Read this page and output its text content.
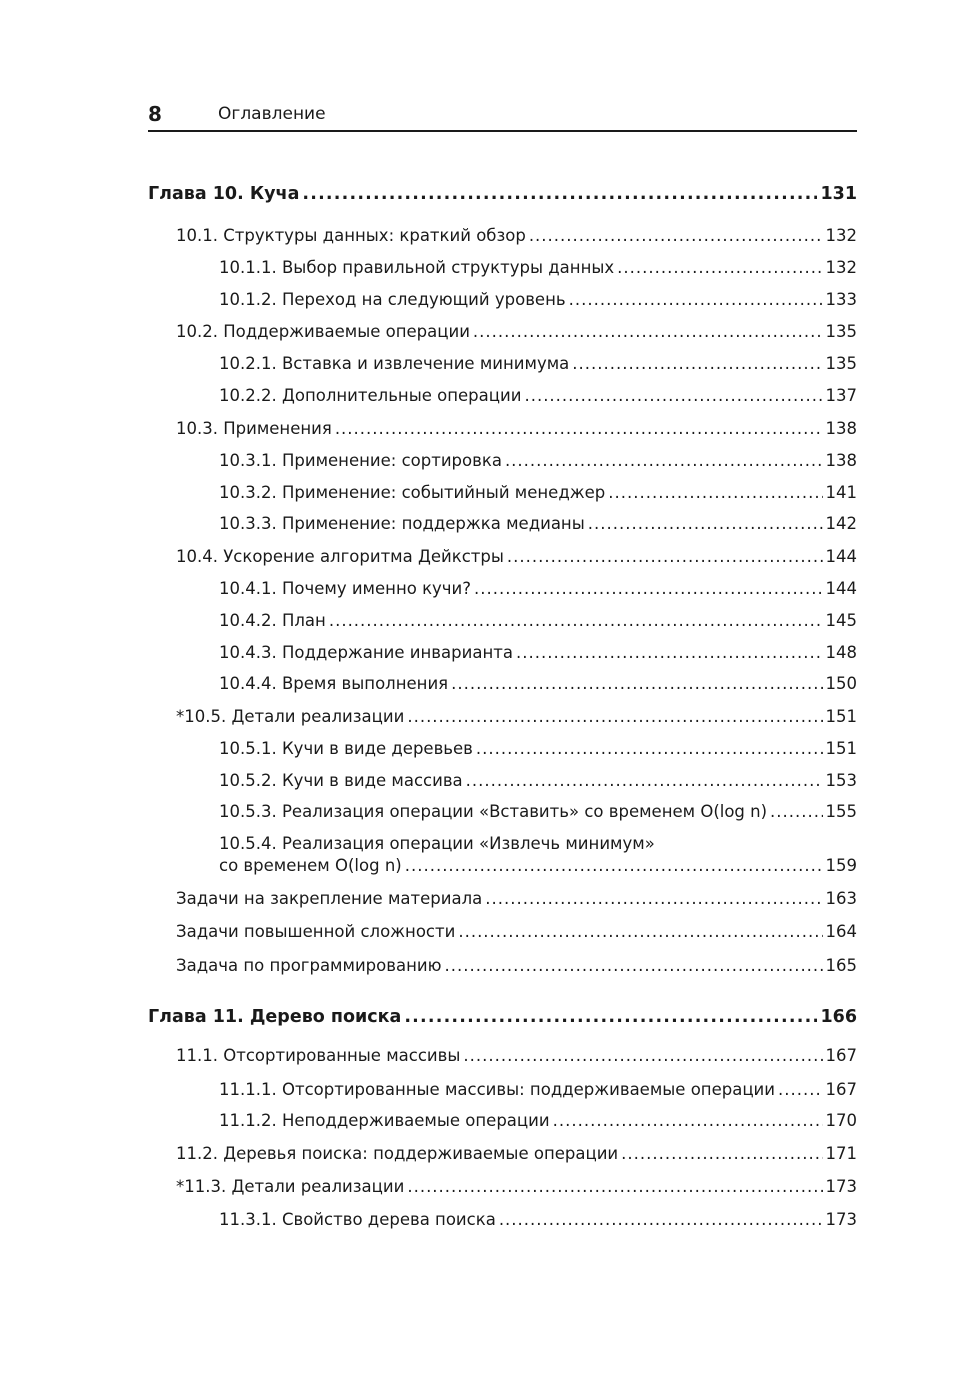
8	Оглавление
Глава 10. Куча .....	131
10.1. Структуры данных: краткий обзор .....	132
10.1.1. Выбор правильной структуры данных .....	132
10.1.2. Переход на следующий уровень .....	133
10.2. Поддерживаемые операции .....	135
10.2.1. Вставка и извлечение минимума .....	135
10.2.2. Дополнительные операции .....	137
10.3. Применения .....	138
10.3.1. Применение: сортировка .....	138
10.3.2. Применение: событийный менеджер .....	141
10.3.3. Применение: поддержка медианы .....	142
10.4. Ускорение алгоритма Дейкстры .....	144
10.4.1. Почему именно кучи? .....	144
10.4.2. План .....	145
10.4.3. Поддержание инварианта .....	148
10.4.4. Время выполнения .....	150
*10.5. Детали реализации .....	151
10.5.1. Кучи в виде деревьев .....	151
10.5.2. Кучи в виде массива .....	153
10.5.3. Реализация операции «Вставить» со временем O(log n) .....	155
10.5.4. Реализация операции «Извлечь минимум»
со временем O(log n) .....	159
Задачи на закрепление материала .....	163
Задачи повышенной сложности .....	164
Задача по программированию .....	165
Глава 11. Дерево поиска .....	166
11.1. Отсортированные массивы .....	167
11.1.1. Отсортированные массивы: поддерживаемые операции .....	167
11.1.2. Неподдерживаемые операции .....	170
11.2. Деревья поиска: поддерживаемые операции .....	171
*11.3. Детали реализации .....	173
11.3.1. Свойство дерева поиска .....	173
